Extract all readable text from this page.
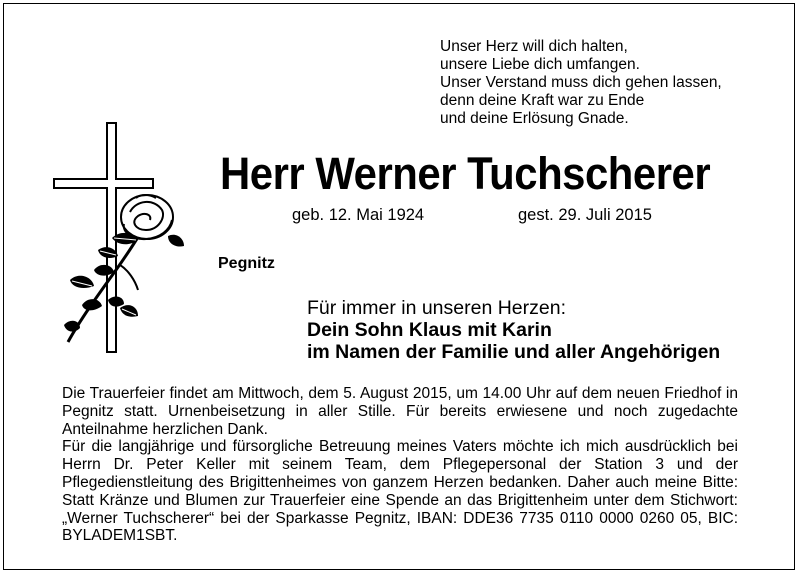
Unser Herz will dich halten,
unsere Liebe dich umfangen.
Unser Verstand muss dich gehen lassen,
denn deine Kraft war zu Ende
und deine Erlösung Gnade.
Herr Werner Tuchscherer
geb. 12. Mai 1924	gest. 29. Juli 2015
Pegnitz
Für immer in unseren Herzen:
Dein Sohn Klaus mit Karin
im Namen der Familie und aller Angehörigen

Die Trauerfeier findet am Mittwoch, dem 5. August 2015, um 14.00 Uhr auf dem neuen Friedhof in Pegnitz statt. Urnenbeisetzung in aller Stille. Für bereits erwiesene und noch zugedachte Anteilnahme herzlichen Dank.

Für die langjährige und fürsorgliche Betreuung meines Vaters möchte ich mich ausdrücklich bei Herrn Dr. Peter Keller mit seinem Team, dem Pflegepersonal der Station 3 und der Pflegedienstleitung des Brigittenheimes von ganzem Herzen bedanken. Daher auch meine Bitte: Statt Kränze und Blumen zur Trauerfeier eine Spende an das Brigittenheim unter dem Stichwort: „Werner Tuchscherer“ bei der Sparkasse Pegnitz, IBAN: DDE36 7735 0110 0000 0260 05, BIC: BYLADEM1SBT.
